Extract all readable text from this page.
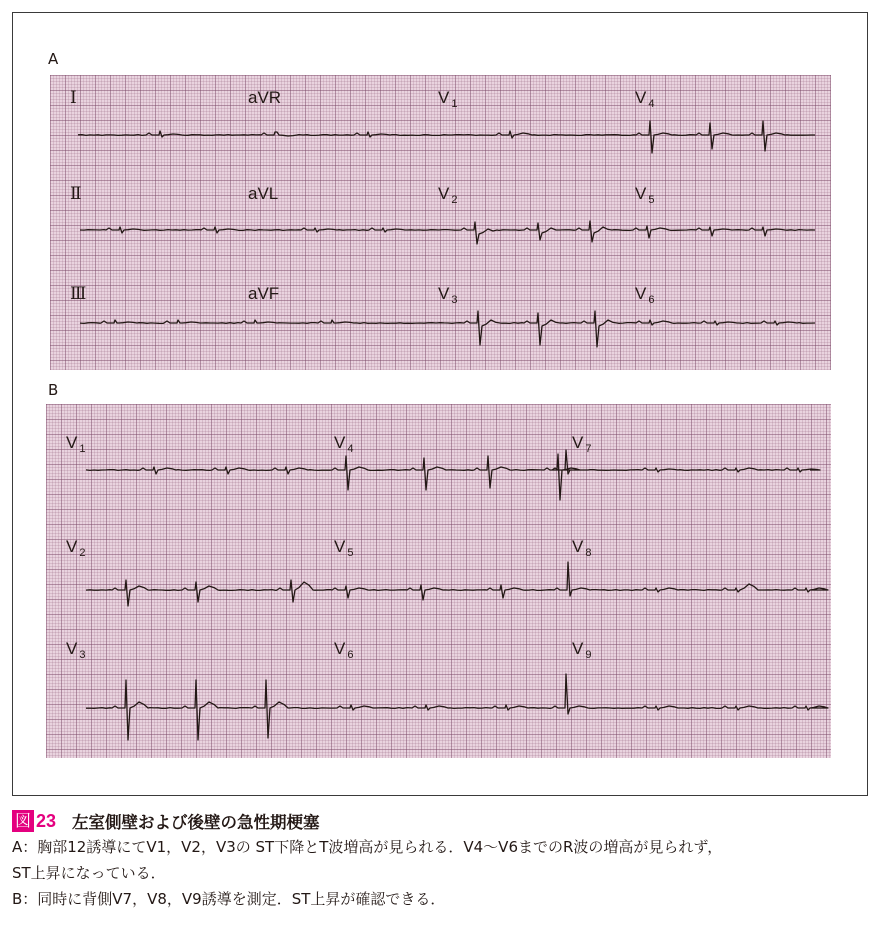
A
Ⅰ	aVR	V $_1$	V $_4$
Ⅱ	aVL	V $_2$	V $_5$
Ⅲ	aVF	V $_3$	V $_6$
B
V $_1$	V $_4$	V $_7$
V $_2$	V $_5$	V $_8$
V $_3$	V $_6$	V $_9$
図 23 左室側壁および後壁の急性期梗塞
A：胸部12誘導にてV1，V2，V3の ST下降とT波増高が見られる．V4〜V6までのR波の増高が見られず，
ST上昇になっている．
B：同時に背側V7，V8，V9誘導を測定．ST上昇が確認できる．
